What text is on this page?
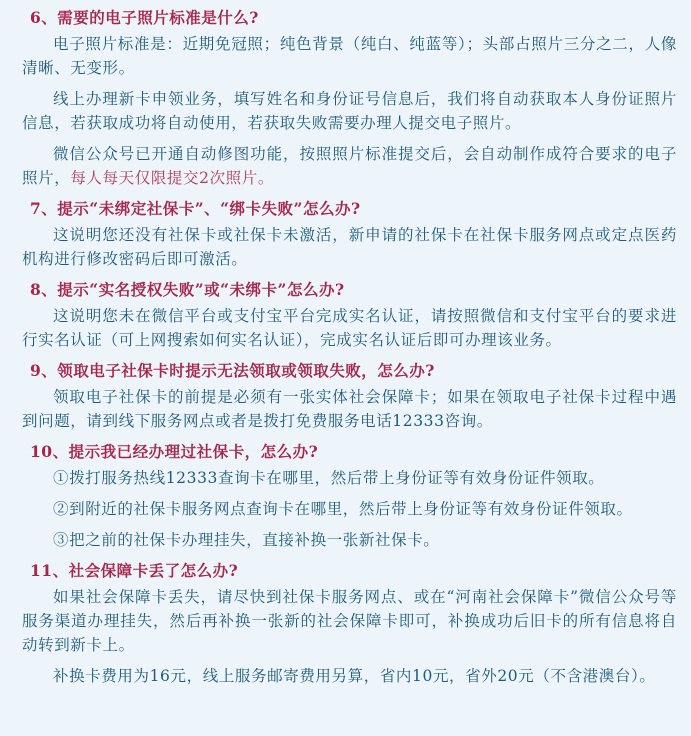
6、需要的电子照片标准是什么?

电子照片标准是：近期免冠照；纯色背景（纯白、纯蓝等）；头部占照片三分之二，人像清晰、无变形。

线上办理新卡申领业务，填写姓名和身份证号信息后，我们将自动获取本人身份证照片信息，若获取成功将自动使用，若获取失败需要办理人提交电子照片。

微信公众号已开通自动修图功能，按照照片标准提交后，会自动制作成符合要求的电子照片，每人每天仅限提交2次照片。

7、提示“未绑定社保卡”、“绑卡失败”怎么办?

这说明您还没有社保卡或社保卡未激活，新申请的社保卡在社保卡服务网点或定点医药机构进行修改密码后即可激活。

8、提示“实名授权失败”或“未绑卡”怎么办?

这说明您未在微信平台或支付宝平台完成实名认证，请按照微信和支付宝平台的要求进行实名认证（可上网搜索如何实名认证），完成实名认证后即可办理该业务。

9、领取电子社保卡时提示无法领取或领取失败，怎么办?

领取电子社保卡的前提是必须有一张实体社会保障卡；如果在领取电子社保卡过程中遇到问题，请到线下服务网点或者是拨打免费服务电话12333咨询。

10、提示我已经办理过社保卡，怎么办?

①拨打服务热线12333查询卡在哪里，然后带上身份证等有效身份证件领取。

②到附近的社保卡服务网点查询卡在哪里，然后带上身份证等有效身份证件领取。

③把之前的社保卡办理挂失，直接补换一张新社保卡。

11、社会保障卡丢了怎么办?

如果社会保障卡丢失，请尽快到社保卡服务网点、或在“河南社会保障卡”微信公众号等服务渠道办理挂失，然后再补换一张新的社会保障卡即可，补换成功后旧卡的所有信息将自动转到新卡上。

补换卡费用为16元，线上服务邮寄费用另算，省内10元，省外20元（不含港澳台）。
